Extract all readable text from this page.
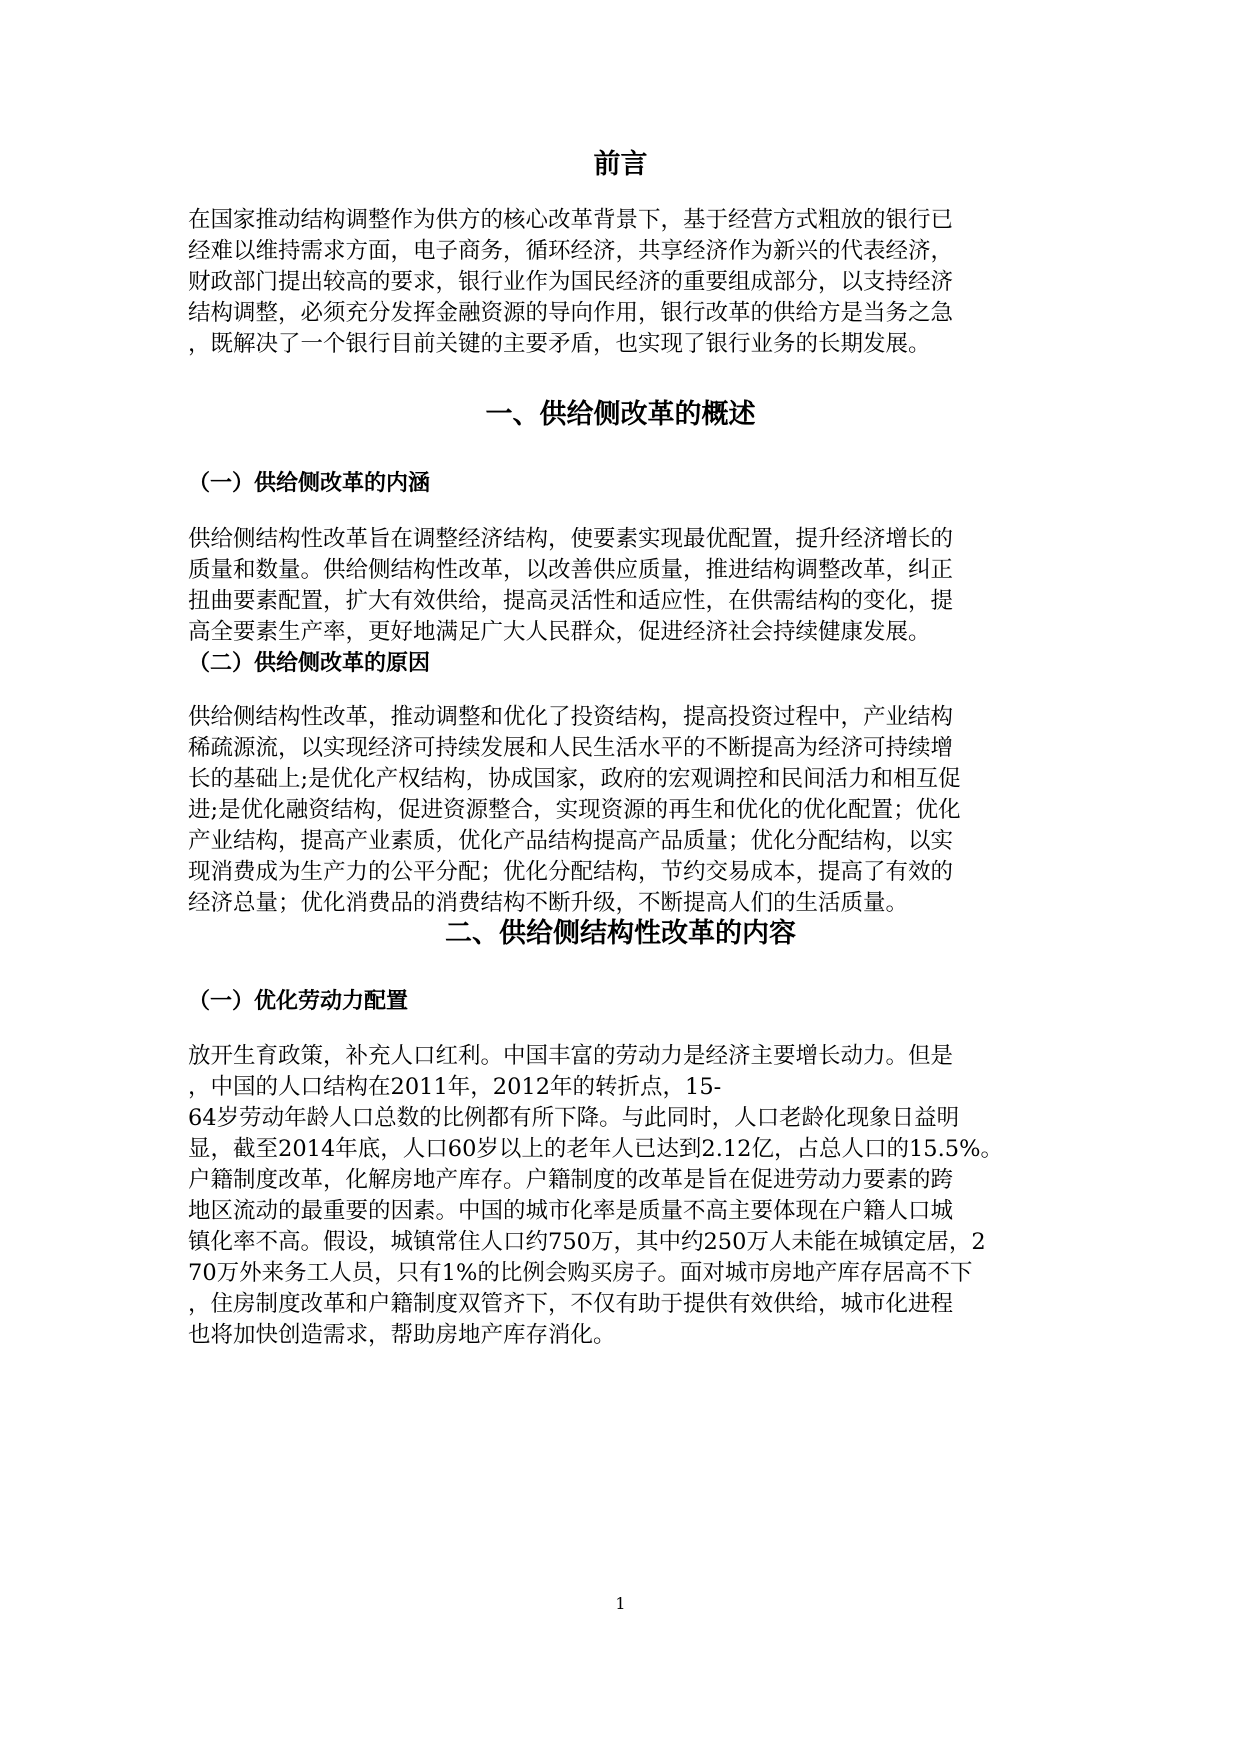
前言
在国家推动结构调整作为供方的核心改革背景下，基于经营方式粗放的银行已
经难以维持需求方面，电子商务，循环经济，共享经济作为新兴的代表经济，
财政部门提出较高的要求，银行业作为国民经济的重要组成部分，以支持经济
结构调整，必须充分发挥金融资源的导向作用，银行改革的供给方是当务之急
，既解决了一个银行目前关键的主要矛盾，也实现了银行业务的长期发展。
一、供给侧改革的概述
（一）供给侧改革的内涵
供给侧结构性改革旨在调整经济结构，使要素实现最优配置，提升经济增长的
质量和数量。供给侧结构性改革，以改善供应质量，推进结构调整改革，纠正
扭曲要素配置，扩大有效供给，提高灵活性和适应性，在供需结构的变化，提
高全要素生产率，更好地满足广大人民群众，促进经济社会持续健康发展。
（二）供给侧改革的原因
供给侧结构性改革，推动调整和优化了投资结构，提高投资过程中，产业结构
稀疏源流，以实现经济可持续发展和人民生活水平的不断提高为经济可持续增
长的基础上;是优化产权结构，协成国家，政府的宏观调控和民间活力和相互促
进;是优化融资结构，促进资源整合，实现资源的再生和优化的优化配置；优化
产业结构，提高产业素质，优化产品结构提高产品质量；优化分配结构，以实
现消费成为生产力的公平分配；优化分配结构，节约交易成本，提高了有效的
经济总量；优化消费品的消费结构不断升级，不断提高人们的生活质量。
二、供给侧结构性改革的内容
（一）优化劳动力配置
放开生育政策，补充人口红利。中国丰富的劳动力是经济主要增长动力。但是
，中国的人口结构在2011年，2012年的转折点，15-
64岁劳动年龄人口总数的比例都有所下降。与此同时，人口老龄化现象日益明
显，截至2014年底，人口60岁以上的老年人已达到2.12亿，占总人口的15.5%。
户籍制度改革，化解房地产库存。户籍制度的改革是旨在促进劳动力要素的跨
地区流动的最重要的因素。中国的城市化率是质量不高主要体现在户籍人口城
镇化率不高。假设，城镇常住人口约750万，其中约250万人未能在城镇定居，2
70万外来务工人员，只有1%的比例会购买房子。面对城市房地产库存居高不下
，住房制度改革和户籍制度双管齐下，不仅有助于提供有效供给，城市化进程
也将加快创造需求，帮助房地产库存消化。
1
